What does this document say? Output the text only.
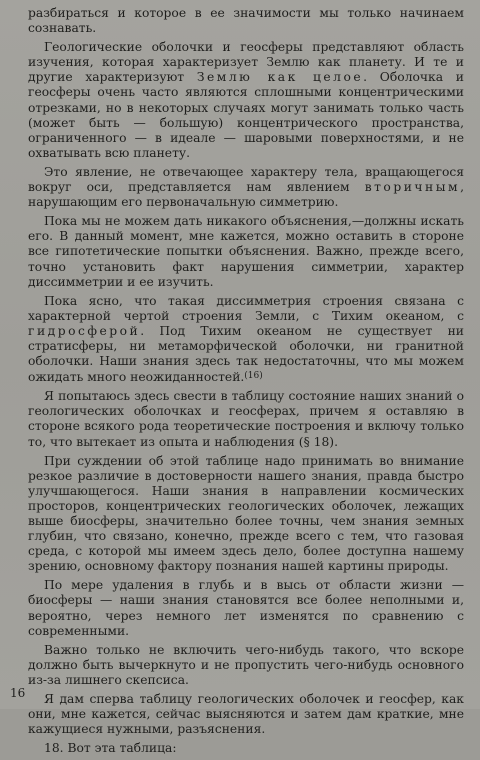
разбираться и которое в ее значимости мы только начинаем сознавать.

Геологические оболочки и геосферы представляют область изучения, которая характеризует Землю как планету. И те и другие характеризуют Землю как целое. Оболочка и геосферы очень часто являются сплошными концентрическими отрезками, но в некоторых случаях могут занимать только часть (может быть — большую) концентрического пространства, ограниченного — в идеале — шаровыми поверхностями, и не охватывать всю планету.

Это явление, не отвечающее характеру тела, вращающегося вокруг оси, представляется нам явлением вторичным, нарушающим его первоначальную симметрию.

Пока мы не можем дать никакого объяснения,—должны искать его. В данный момент, мне кажется, можно оставить в стороне все гипотетические попытки объяснения. Важно, прежде всего, точно установить факт нарушения симметрии, характер диссимметрии и ее изучить.

Пока ясно, что такая диссимметрия строения связана с характерной чертой строения Земли, с Тихим океаном, с гидросферой. Под Тихим океаном не существует ни стратисферы, ни метаморфической оболочки, ни гранитной оболочки. Наши знания здесь так недостаточны, что мы можем ожидать много неожиданностей.$^{(16)}$

Я попытаюсь здесь свести в таблицу состояние наших знаний о геологических оболочках и геосферах, причем я оставляю в стороне всякого рода теоретические построения и включу только то, что вытекает из опыта и наблюдения (§ 18).

При суждении об этой таблице надо принимать во внимание резкое различие в достоверности нашего знания, правда быстро улучшающегося. Наши знания в направлении космических просторов, концентрических геологических оболочек, лежащих выше биосферы, значительно более точны, чем знания земных глубин, что связано, конечно, прежде всего с тем, что газовая среда, с которой мы имеем здесь дело, более доступна нашему зрению, основному фактору познания нашей картины природы.

По мере удаления в глубь и в высь от области жизни — биосферы — наши знания становятся все более неполными и, вероятно, через немного лет изменятся по сравнению с современными.

Важно только не включить чего-нибудь такого, что вскоре должно быть вычеркнуто и не пропустить чего-нибудь основного из-за лишнего скепсиса.

Я дам сперва таблицу геологических оболочек и геосфер, как они, мне кажется, сейчас выясняются и затем дам краткие, мне кажущиеся нужными, разъяснения.

18. Вот эта таблица:

16
